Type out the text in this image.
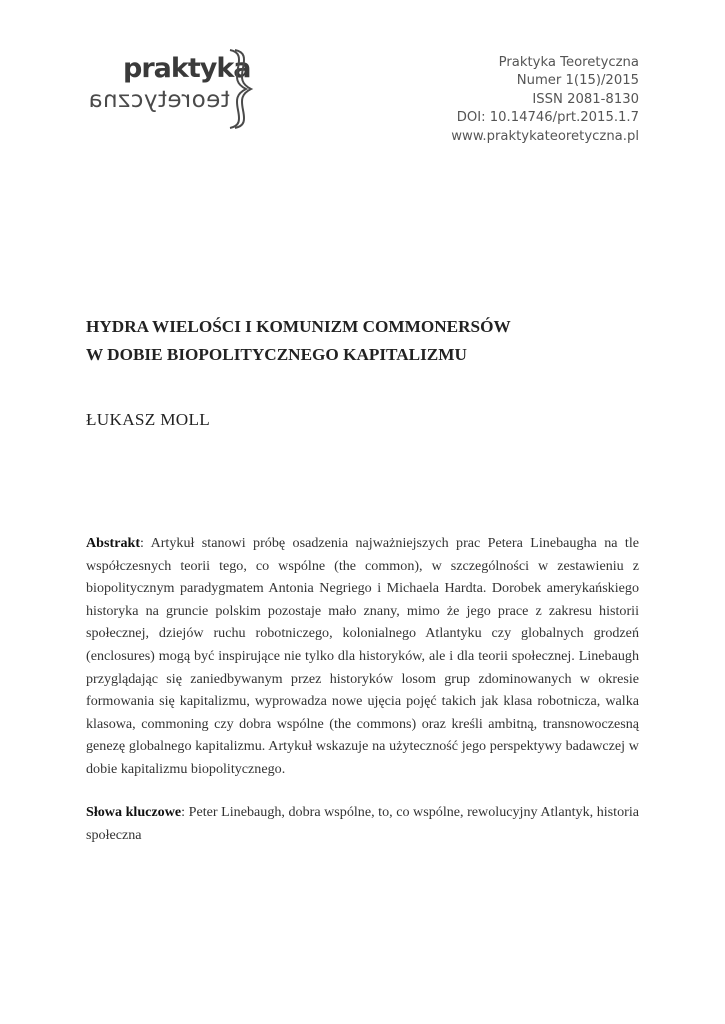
praktyka
teoretyczna
Praktyka Teoretyczna
Numer 1(15)/2015
ISSN 2081-8130
DOI: 10.14746/prt.2015.1.7
www.praktykateoretyczna.pl
HYDRA WIELOŚCI I KOMUNIZM COMMONERSÓW
W DOBIE BIOPOLITYCZNEGO KAPITALIZMU
ŁUKASZ MOLL
Abstrakt: Artykuł stanowi próbę osadzenia najważniejszych prac Petera Linebaugha na tle współczesnych teorii tego, co wspólne (the common), w szczególności w zestawieniu z biopolitycznym paradygmatem Antonia Negriego i Michaela Hardta. Dorobek amerykańskiego historyka na gruncie polskim pozostaje mało znany, mimo że jego prace z zakresu historii społecznej, dziejów ruchu robotniczego, kolonialnego Atlantyku czy globalnych grodzeń (enclosures) mogą być inspirujące nie tylko dla historyków, ale i dla teorii społecznej. Linebaugh przyglądając się zaniedbywanym przez historyków losom grup zdominowanych w okresie formowania się kapitalizmu, wyprowadza nowe ujęcia pojęć takich jak klasa robotnicza, walka klasowa, commoning czy dobra wspólne (the commons) oraz kreśli ambitną, transnowoczesną genezę globalnego kapitalizmu. Artykuł wskazuje na użyteczność jego perspektywy badawczej w dobie kapitalizmu biopolitycznego.
Słowa kluczowe: Peter Linebaugh, dobra wspólne, to, co wspólne, rewolucyjny Atlantyk, historia społeczna
